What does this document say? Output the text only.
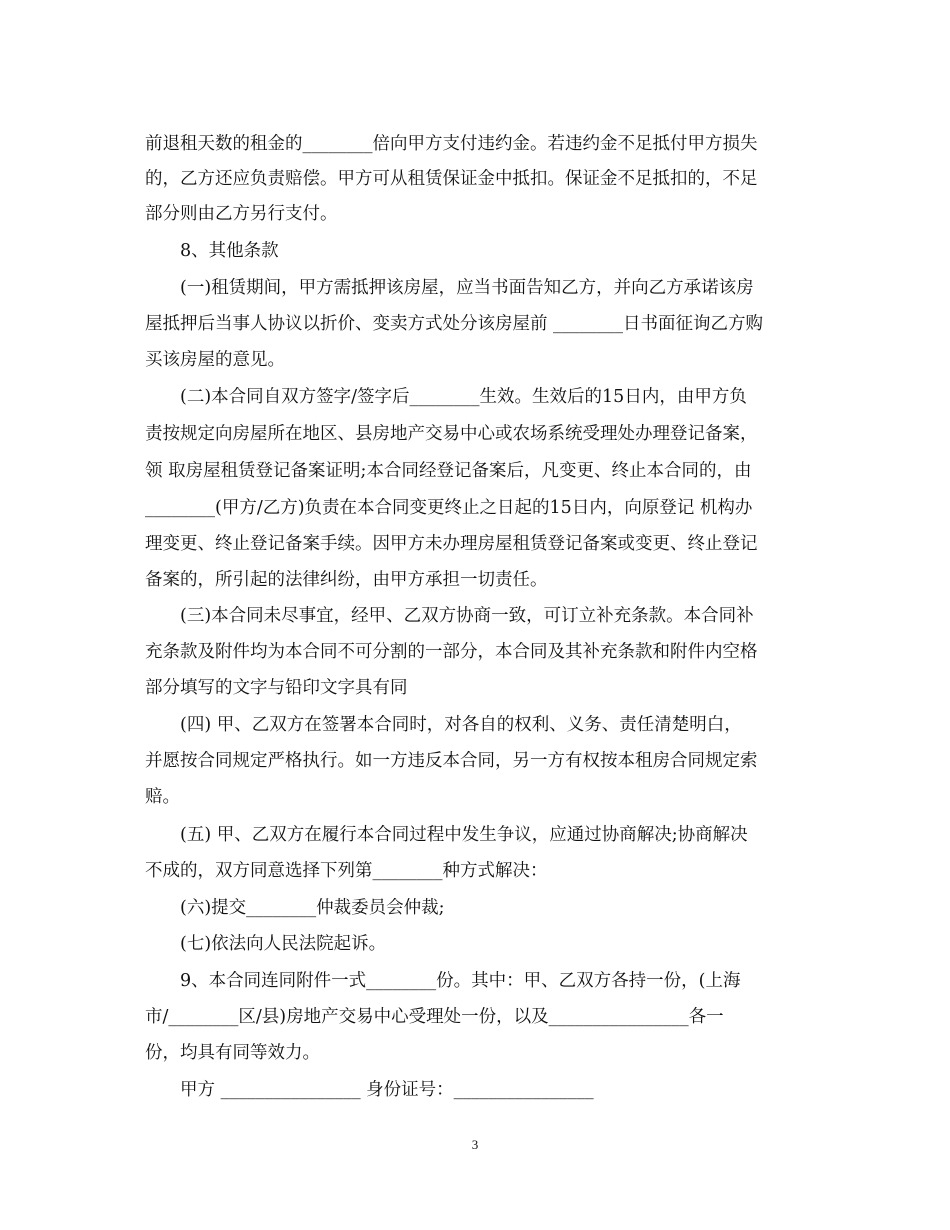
前退租天数的租金的________倍向甲方支付违约金。若违约金不足抵付甲方损失
的，乙方还应负责赔偿。甲方可从租赁保证金中抵扣。保证金不足抵扣的，不足
部分则由乙方另行支付。
8、其他条款
(一)租赁期间，甲方需抵押该房屋，应当书面告知乙方，并向乙方承诺该房
屋抵押后当事人协议以折价、变卖方式处分该房屋前 ________日书面征询乙方购
买该房屋的意见。
(二)本合同自双方签字/签字后________生效。生效后的15日内，由甲方负
责按规定向房屋所在地区、县房地产交易中心或农场系统受理处办理登记备案，
领 取房屋租赁登记备案证明;本合同经登记备案后，凡变更、终止本合同的，由
________(甲方/乙方)负责在本合同变更终止之日起的15日内，向原登记 机构办
理变更、终止登记备案手续。因甲方未办理房屋租赁登记备案或变更、终止登记
备案的，所引起的法律纠纷，由甲方承担一切责任。
(三)本合同未尽事宜，经甲、乙双方协商一致，可订立补充条款。本合同补
充条款及附件均为本合同不可分割的一部分，本合同及其补充条款和附件内空格
部分填写的文字与铅印文字具有同
(四) 甲、乙双方在签署本合同时，对各自的权利、义务、责任清楚明白，
并愿按合同规定严格执行。如一方违反本合同，另一方有权按本租房合同规定索
赔。
(五) 甲、乙双方在履行本合同过程中发生争议，应通过协商解决;协商解决
不成的，双方同意选择下列第________种方式解决：
(六)提交________仲裁委员会仲裁;
(七)依法向人民法院起诉。
9、本合同连同附件一式________份。其中：甲、乙双方各持一份，(上海
市/________区/县)房地产交易中心受理处一份，以及________________各一
份，均具有同等效力。
甲方 ________________ 身份证号：________________
3
